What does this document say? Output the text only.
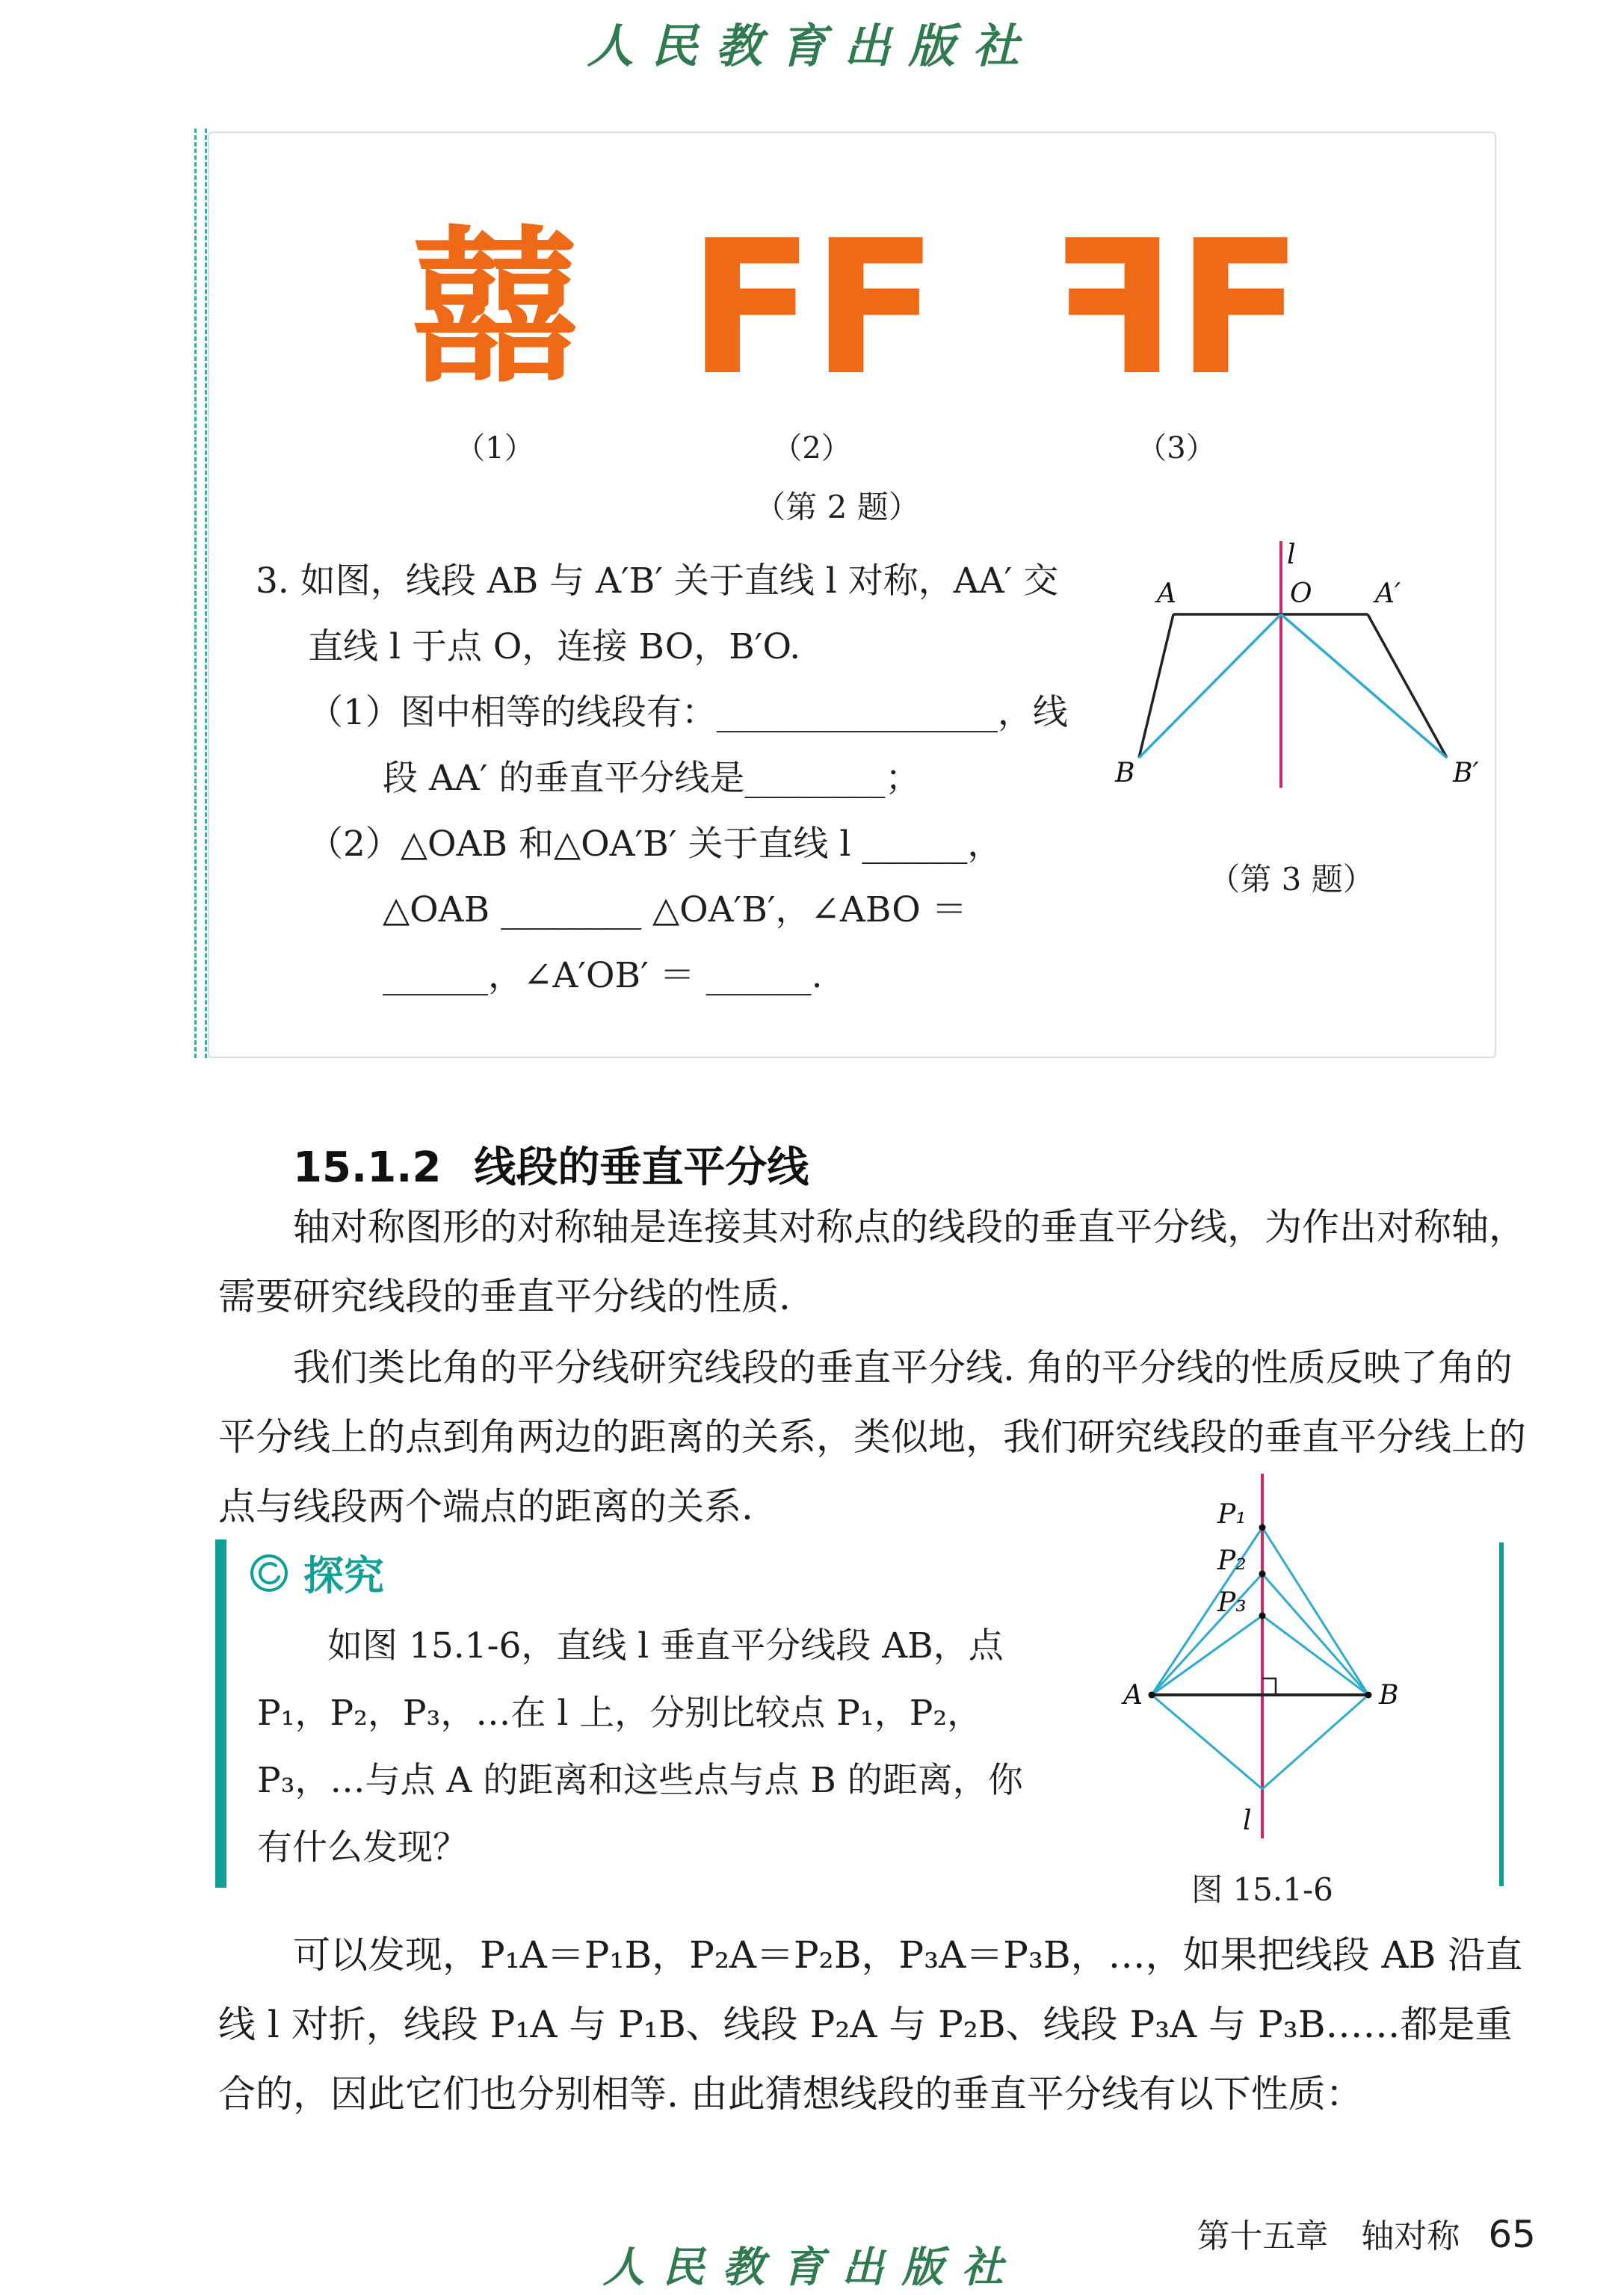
人民教育出版社
囍
（1）
F F
（2）
F F
（3）
（第 2 题）

3. 如图，线段 AB 与 A′B′ 关于直线 l 对称，AA′ 交直线 l 于点 O，连接 BO，B′O.

（1）图中相等的线段有：________________，线段 AA′ 的垂直平分线是________；

（2）△OAB 和△OA′B′ 关于直线 l ______，△OAB ________ △OA′B′，∠ABO ＝ ______，∠A′OB′ ＝ ______.

l
A	O A′
B	B′
（第 3 题）
15.1.2 线段的垂直平分线

轴对称图形的对称轴是连接其对称点的线段的垂直平分线，为作出对称轴，需要研究线段的垂直平分线的性质.

我们类比角的平分线研究线段的垂直平分线. 角的平分线的性质反映了角的平分线上的点到角两边的距离的关系，类似地，我们研究线段的垂直平分线上的点与线段两个端点的距离的关系.

探究

如图 15.1-6，直线 l 垂直平分线段 AB，点 P₁，P₂，P₃，…在 l 上，分别比较点 P₁，P₂，P₃，…与点 A 的距离和这些点与点 B 的距离，你有什么发现？

P₁
P₂
P₃
A	B
l
图 15.1-6

可以发现，P₁A＝P₁B，P₂A＝P₂B，P₃A＝P₃B，…，如果把线段 AB 沿直线 l 对折，线段 P₁A 与 P₁B、线段 P₂A 与 P₂B、线段 P₃A 与 P₃B……都是重合的，因此它们也分别相等. 由此猜想线段的垂直平分线有以下性质：

第十五章　轴对称 65
人民教育出版社
